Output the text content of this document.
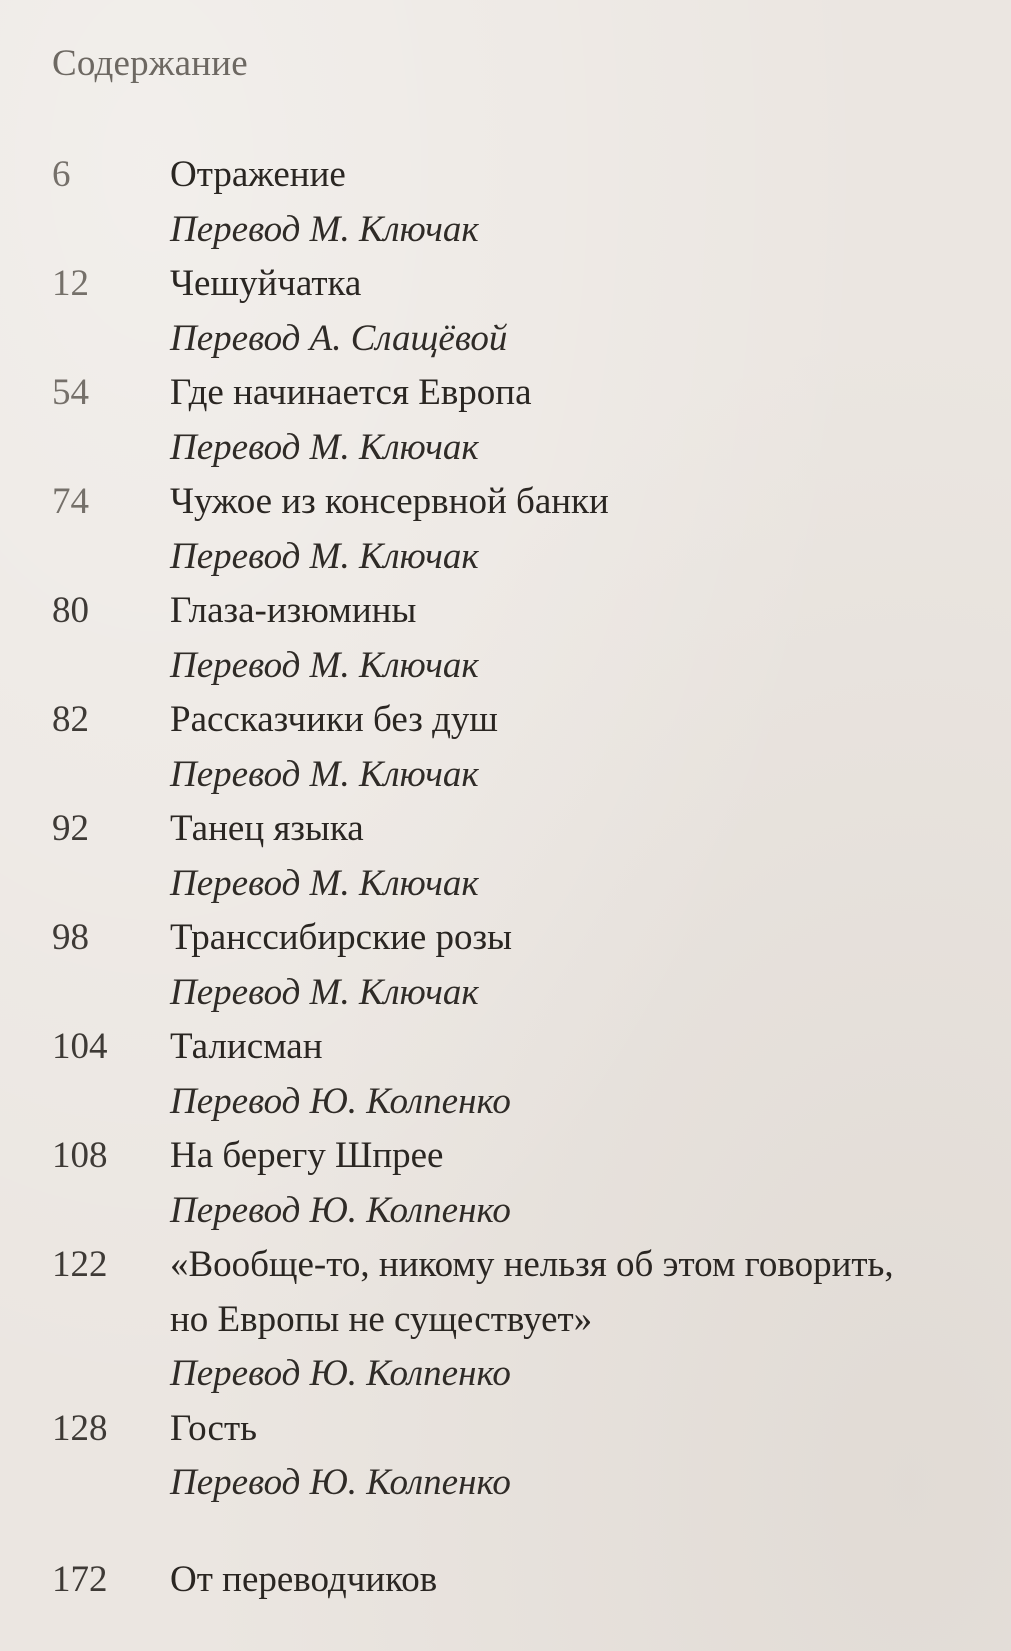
Содержание
6	Отражение
Перевод М. Ключак
12	Чешуйчатка
Перевод А. Слащёвой
54	Где начинается Европа
Перевод М. Ключак
74	Чужое из консервной банки
Перевод М. Ключак
80	Глаза-изюмины
Перевод М. Ключак
82	Рассказчики без душ
Перевод М. Ключак
92	Танец языка
Перевод М. Ключак
98	Транссибирские розы
Перевод М. Ключак
104	Талисман
Перевод Ю. Колпенко
108	На берегу Шпрее
Перевод Ю. Колпенко
122	«Вообще-то, никому нельзя об этом говорить,
но Европы не существует»
Перевод Ю. Колпенко
128	Гость
Перевод Ю. Колпенко
172	От переводчиков
